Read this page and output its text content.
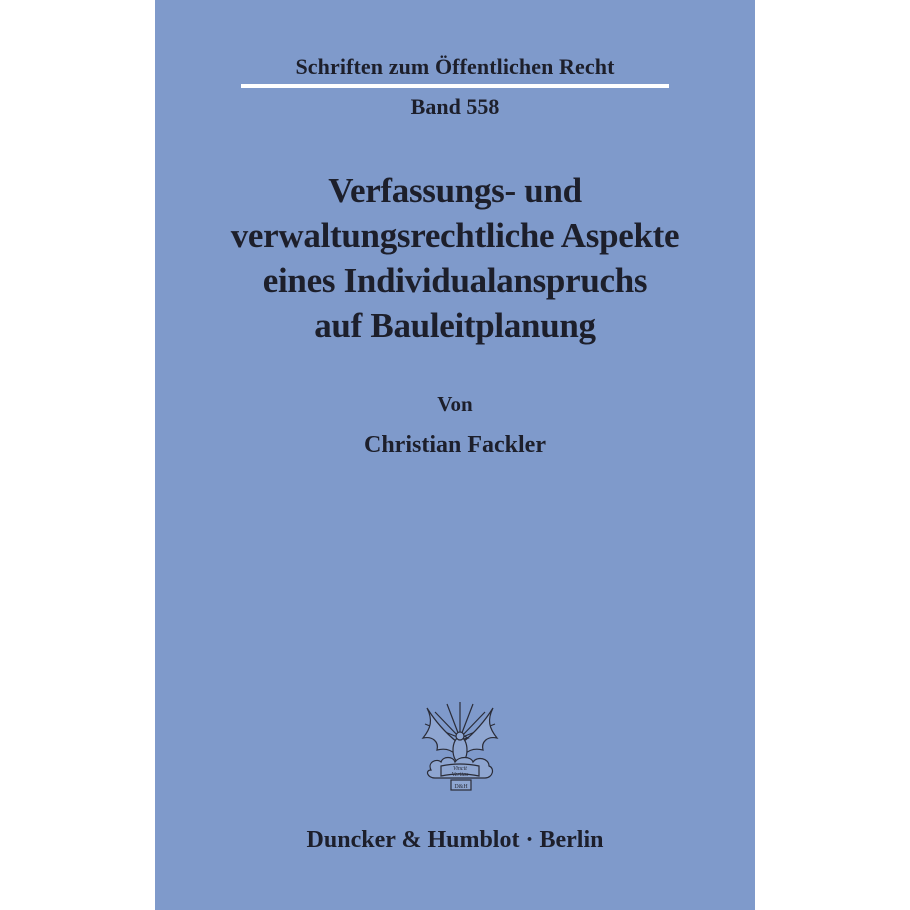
Schriften zum Öffentlichen Recht
Band 558
Verfassungs- und
verwaltungsrechtliche Aspekte
eines Individualanspruchs
auf Bauleitplanung
Von
Christian Fackler
Vincit
Veritas
D&H
Duncker & Humblot · Berlin
